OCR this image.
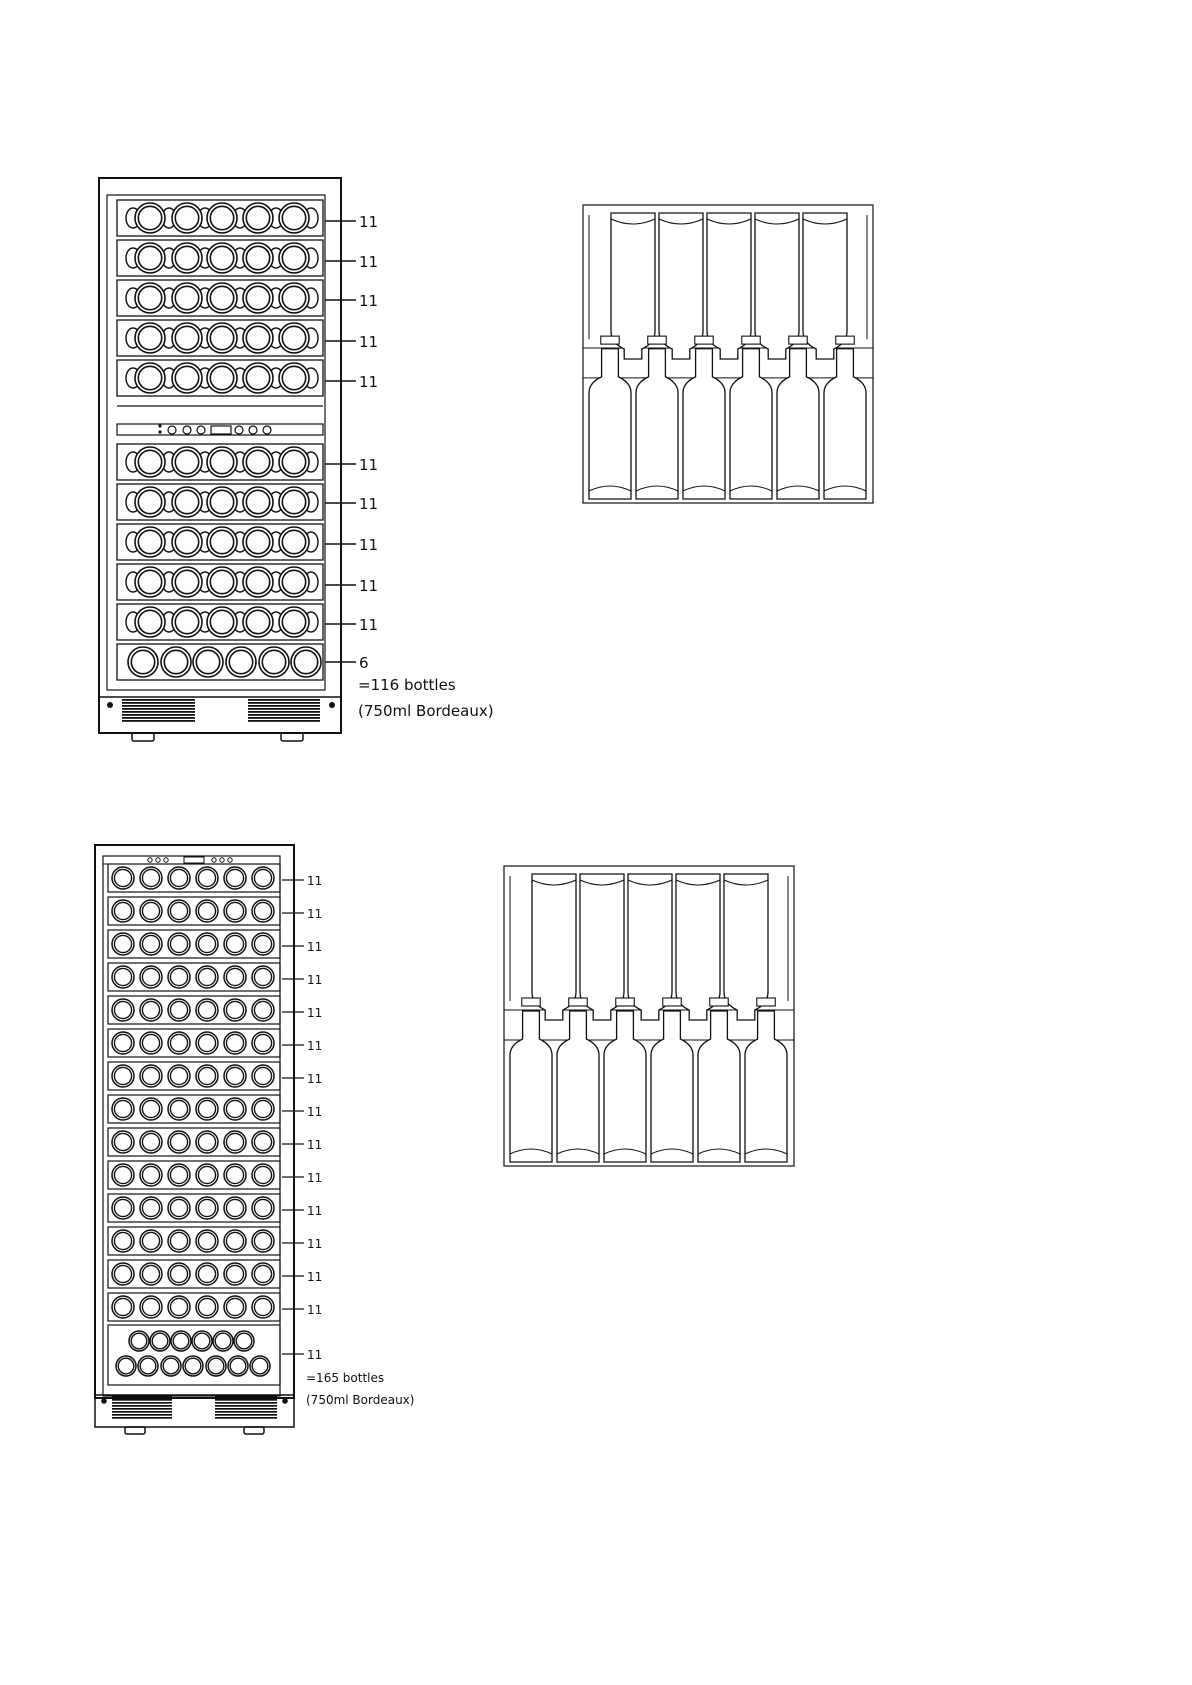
11
11
11
11
11
11
11
11
11
11
6
=116 bottles
(750ml Bordeaux)
11
11
11
11
11
11
11
11
11
11
11
11
11
11
11
=165 bottles
(750ml Bordeaux)
